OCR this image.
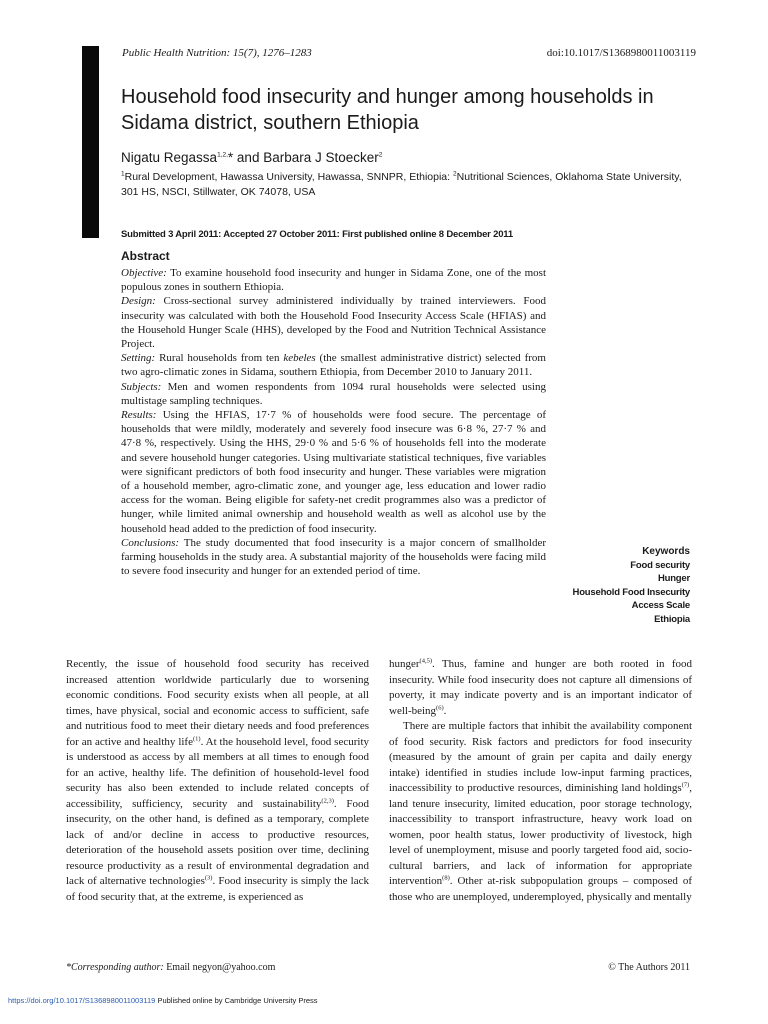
Public Health Nutrition: 15(7), 1276–1283	doi:10.1017/S1368980011003119
Household food insecurity and hunger among households in Sidama district, southern Ethiopia
Nigatu Regassa$^{1,2,}$* and Barbara J Stoecker$^2$
$^1$Rural Development, Hawassa University, Hawassa, SNNPR, Ethiopia: $^2$Nutritional Sciences, Oklahoma State University, 301 HS, NSCI, Stillwater, OK 74078, USA
Submitted 3 April 2011: Accepted 27 October 2011: First published online 8 December 2011
Abstract

Objective: To examine household food insecurity and hunger in Sidama Zone, one of the most populous zones in southern Ethiopia.

Design: Cross-sectional survey administered individually by trained interviewers. Food insecurity was calculated with both the Household Food Insecurity Access Scale (HFIAS) and the Household Hunger Scale (HHS), developed by the Food and Nutrition Technical Assistance Project.

Setting: Rural households from ten kebeles (the smallest administrative district) selected from two agro-climatic zones in Sidama, southern Ethiopia, from December 2010 to January 2011.

Subjects: Men and women respondents from 1094 rural households were selected using multistage sampling techniques.

Results: Using the HFIAS, 17·7 % of households were food secure. The percentage of households that were mildly, moderately and severely food insecure was 6·8 %, 27·7 % and 47·8 %, respectively. Using the HHS, 29·0 % and 5·6 % of households fell into the moderate and severe household hunger categories. Using multivariate statistical techniques, five variables were significant predictors of both food insecurity and hunger. These variables were migration of a household member, agro-climatic zone, and younger age, less education and lower radio access for the woman. Being eligible for safety-net credit programmes also was a predictor of hunger, while limited animal ownership and household wealth as well as alcohol use by the household head added to the prediction of food insecurity.

Conclusions: The study documented that food insecurity is a major concern of smallholder farming households in the study area. A substantial majority of the households were facing mild to severe food insecurity and hunger for an extended period of time.

Keywords
Food security
Hunger
Household Food Insecurity
Access Scale
Ethiopia

Recently, the issue of household food security has received increased attention worldwide particularly due to worsening economic conditions. Food security exists when all people, at all times, have physical, social and economic access to sufficient, safe and nutritious food to meet their dietary needs and food preferences for an active and healthy life$^{(1)}$. At the household level, food security is understood as access by all members at all times to enough food for an active, healthy life. The definition of household-level food security has also been extended to include related concepts of accessibility, sufficiency, security and sustainability$^{(2,3)}$. Food insecurity, on the other hand, is defined as a temporary, complete lack of and/or decline in access to productive resources, deterioration of the household assets position over time, declining resource productivity as a result of environmental degradation and lack of alternative technologies$^{(3)}$. Food insecurity is simply the lack of food security that, at the extreme, is experienced as

hunger$^{(4,5)}$. Thus, famine and hunger are both rooted in food insecurity. While food insecurity does not capture all dimensions of poverty, it may indicate poverty and is an important indicator of well-being$^{(6)}$.

There are multiple factors that inhibit the availability component of food security. Risk factors and predictors for food insecurity (measured by the amount of grain per capita and daily energy intake) identified in studies include low-input farming practices, inaccessibility to productive resources, diminishing land holdings$^{(7)}$, land tenure insecurity, limited education, poor storage technology, inaccessibility to transport infrastructure, heavy work load on women, poor health status, lower productivity of livestock, high level of unemployment, misuse and poorly targeted food aid, socio-cultural barriers, and lack of information for appropriate intervention$^{(8)}$. Other at-risk subpopulation groups – composed of those who are unemployed, underemployed, physically and mentally

*Corresponding author: Email negyon@yahoo.com	© The Authors 2011
https://doi.org/10.1017/S1368980011003119 Published online by Cambridge University Press
